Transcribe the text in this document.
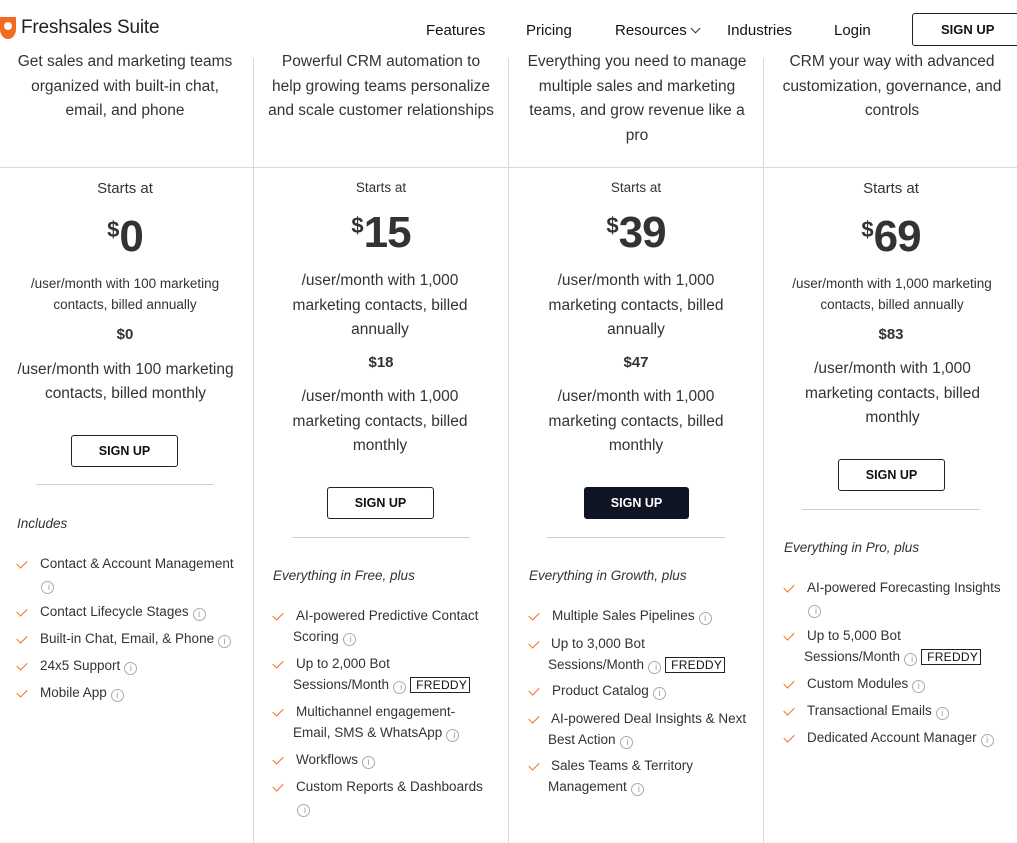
Freshsales Suite	Features	Pricing	Resources	Industries	Login	SIGN UP
Get sales and marketing teams organized with built-in chat, email, and phone
Powerful CRM automation to help growing teams personalize and scale customer relationships
Everything you need to manage multiple sales and marketing teams, and grow revenue like a pro
CRM your way with advanced customization, governance, and controls
Starts at
$0
/user/month with 100 marketing contacts, billed annually
$0
/user/month with 100 marketing contacts, billed monthly
SIGN UP
Includes
Contact & Account Managementi
Contact Lifecycle Stages i
Built-in Chat, Email, & Phone i
24x5 Support i
Mobile App i
Starts at
$15
/user/month with 1,000 marketing contacts, billed annually
$18
/user/month with 1,000 marketing contacts, billed monthly
SIGN UP
Everything in Free, plus
AI-powered Predictive Contact Scoring i
Up to 2,000 Bot Sessions/Month i FREDDY
Multichannel engagement- Email, SMS & WhatsApp i
Workflows i
Custom Reports & Dashboardsi
Starts at
$39
/user/month with 1,000 marketing contacts, billed annually
$47
/user/month with 1,000 marketing contacts, billed monthly
SIGN UP
Everything in Growth, plus
Multiple Sales Pipelines i
Up to 3,000 Bot Sessions/Month i FREDDY
Product Catalog i
AI-powered Deal Insights & Next Best Action i
Sales Teams & Territory Management i
Starts at
$69
/user/month with 1,000 marketing contacts, billed annually
$83
/user/month with 1,000 marketing contacts, billed monthly
SIGN UP
Everything in Pro, plus
AI-powered Forecasting Insightsi
Up to 5,000 Bot Sessions/Month i FREDDY
Custom Modules i
Transactional Emails i
Dedicated Account Manager i
